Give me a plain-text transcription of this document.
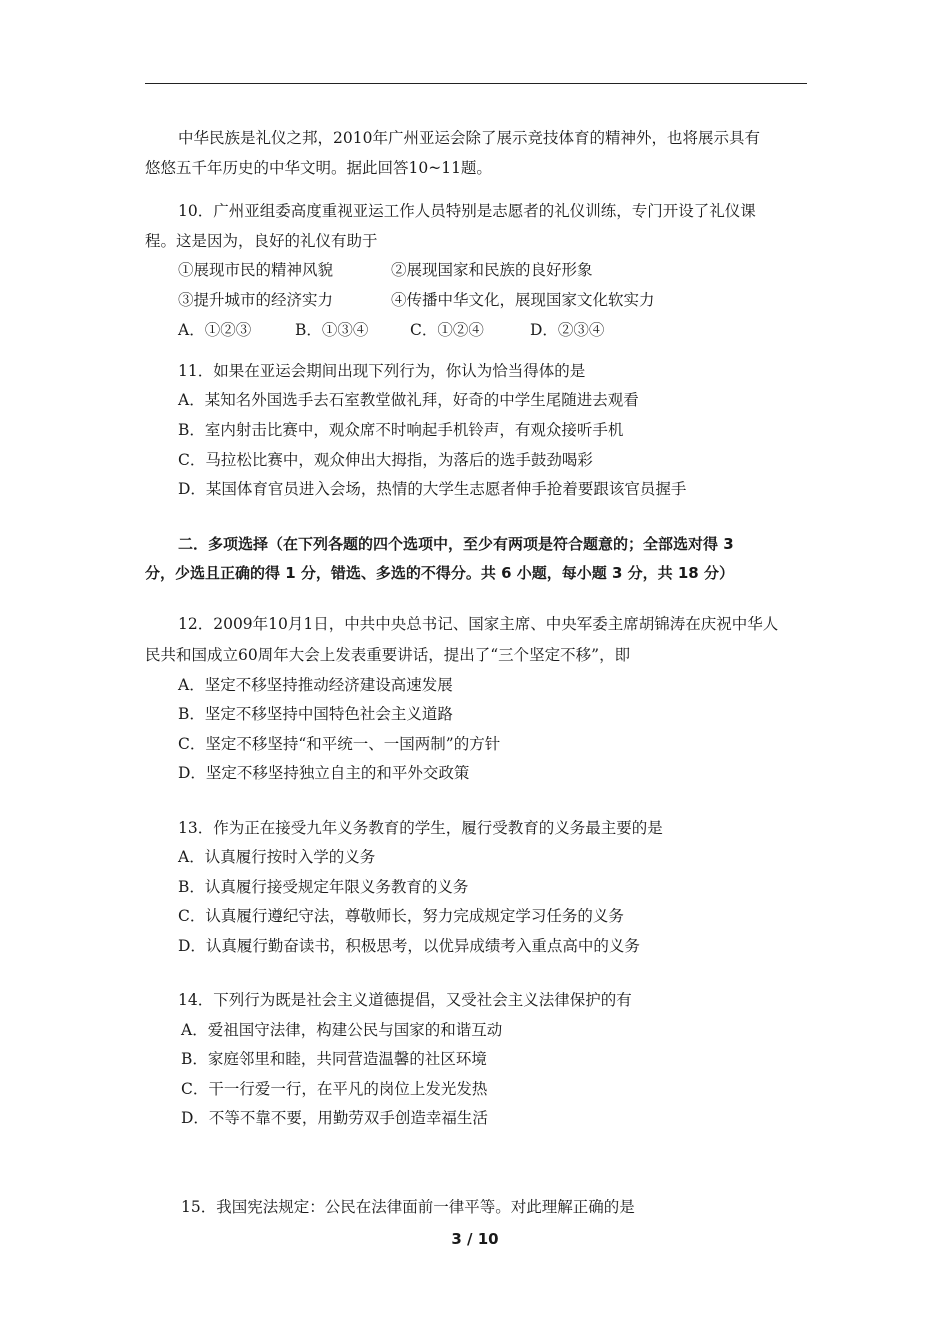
中华民族是礼仪之邦，2010年广州亚运会除了展示竞技体育的精神外，也将展示具有
悠悠五千年历史的中华文明。据此回答10~11题。
10．广州亚组委高度重视亚运工作人员特别是志愿者的礼仪训练，专门开设了礼仪课
程。这是因为，良好的礼仪有助于
①展现市民的精神风貌	②展现国家和民族的良好形象
③提升城市的经济实力	④传播中华文化，展现国家文化软实力
A．①②③	B．①③④	C．①②④	D．②③④
11．如果在亚运会期间出现下列行为，你认为恰当得体的是
A．某知名外国选手去石室教堂做礼拜，好奇的中学生尾随进去观看
B．室内射击比赛中，观众席不时响起手机铃声，有观众接听手机
C．马拉松比赛中，观众伸出大拇指，为落后的选手鼓劲喝彩
D．某国体育官员进入会场，热情的大学生志愿者伸手抢着要跟该官员握手
二．多项选择（在下列各题的四个选项中，至少有两项是符合题意的；全部选对得 3
分，少选且正确的得 1 分，错选、多选的不得分。共 6 小题，每小题 3 分，共 18 分）
12．2009年10月1日，中共中央总书记、国家主席、中央军委主席胡锦涛在庆祝中华人
民共和国成立60周年大会上发表重要讲话，提出了“三个坚定不移”，即
A．坚定不移坚持推动经济建设高速发展
B．坚定不移坚持中国特色社会主义道路
C．坚定不移坚持“和平统一、一国两制”的方针
D．坚定不移坚持独立自主的和平外交政策
13．作为正在接受九年义务教育的学生，履行受教育的义务最主要的是
A．认真履行按时入学的义务
B．认真履行接受规定年限义务教育的义务
C．认真履行遵纪守法，尊敬师长，努力完成规定学习任务的义务
D．认真履行勤奋读书，积极思考，以优异成绩考入重点高中的义务
14．下列行为既是社会主义道德提倡，又受社会主义法律保护的有
A．爱祖国守法律，构建公民与国家的和谐互动
B．家庭邻里和睦，共同营造温馨的社区环境
C．干一行爱一行，在平凡的岗位上发光发热
D．不等不靠不要，用勤劳双手创造幸福生活
15．我国宪法规定：公民在法律面前一律平等。对此理解正确的是
3 / 10
